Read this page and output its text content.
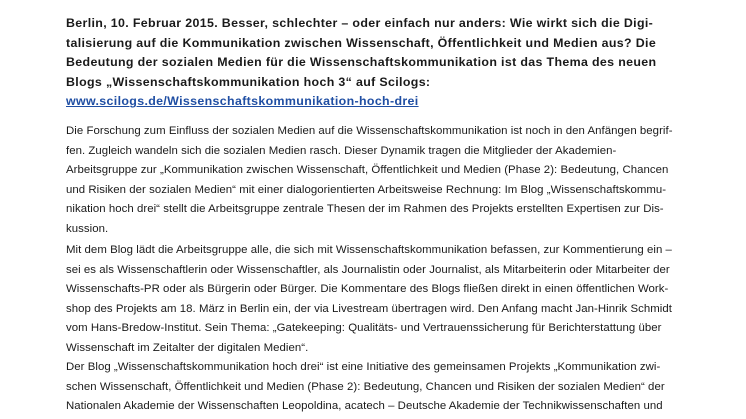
Berlin, 10. Februar 2015. Besser, schlechter – oder einfach nur anders: Wie wirkt sich die Digi-
talisierung auf die Kommunikation zwischen Wissenschaft, Öffentlichkeit und Medien aus? Die
Bedeutung der sozialen Medien für die Wissenschaftskommunikation ist das Thema des neuen
Blogs „Wissenschaftskommunikation hoch 3“ auf Scilogs:
www.scilogs.de/Wissenschaftskommunikation-hoch-drei
Die Forschung zum Einfluss der sozialen Medien auf die Wissenschaftskommunikation ist noch in den Anfängen begrif-
fen. Zugleich wandeln sich die sozialen Medien rasch. Dieser Dynamik tragen die Mitglieder der Akademien-
Arbeitsgruppe zur „Kommunikation zwischen Wissenschaft, Öffentlichkeit und Medien (Phase 2): Bedeutung, Chancen
und Risiken der sozialen Medien“ mit einer dialogorientierten Arbeitsweise Rechnung: Im Blog „Wissenschaftskommu-
nikation hoch drei“ stellt die Arbeitsgruppe zentrale Thesen der im Rahmen des Projekts erstellten Expertisen zur Dis-
kussion.
Mit dem Blog lädt die Arbeitsgruppe alle, die sich mit Wissenschaftskommunikation befassen, zur Kommentierung ein –
sei es als Wissenschaftlerin oder Wissenschaftler, als Journalistin oder Journalist, als Mitarbeiterin oder Mitarbeiter der
Wissenschafts-PR oder als Bürgerin oder Bürger. Die Kommentare des Blogs fließen direkt in einen öffentlichen Work-
shop des Projekts am 18. März in Berlin ein, der via Livestream übertragen wird. Den Anfang macht Jan-Hinrik Schmidt
vom Hans-Bredow-Institut. Sein Thema: „Gatekeeping: Qualitäts- und Vertrauenssicherung für Berichterstattung über
Wissenschaft im Zeitalter der digitalen Medien“.
Der Blog „Wissenschaftskommunikation hoch drei“ ist eine Initiative des gemeinsamen Projekts „Kommunikation zwi-
schen Wissenschaft, Öffentlichkeit und Medien (Phase 2): Bedeutung, Chancen und Risiken der sozialen Medien“ der
Nationalen Akademie der Wissenschaften Leopoldina, acatech – Deutsche Akademie der Technikwissenschaften und
